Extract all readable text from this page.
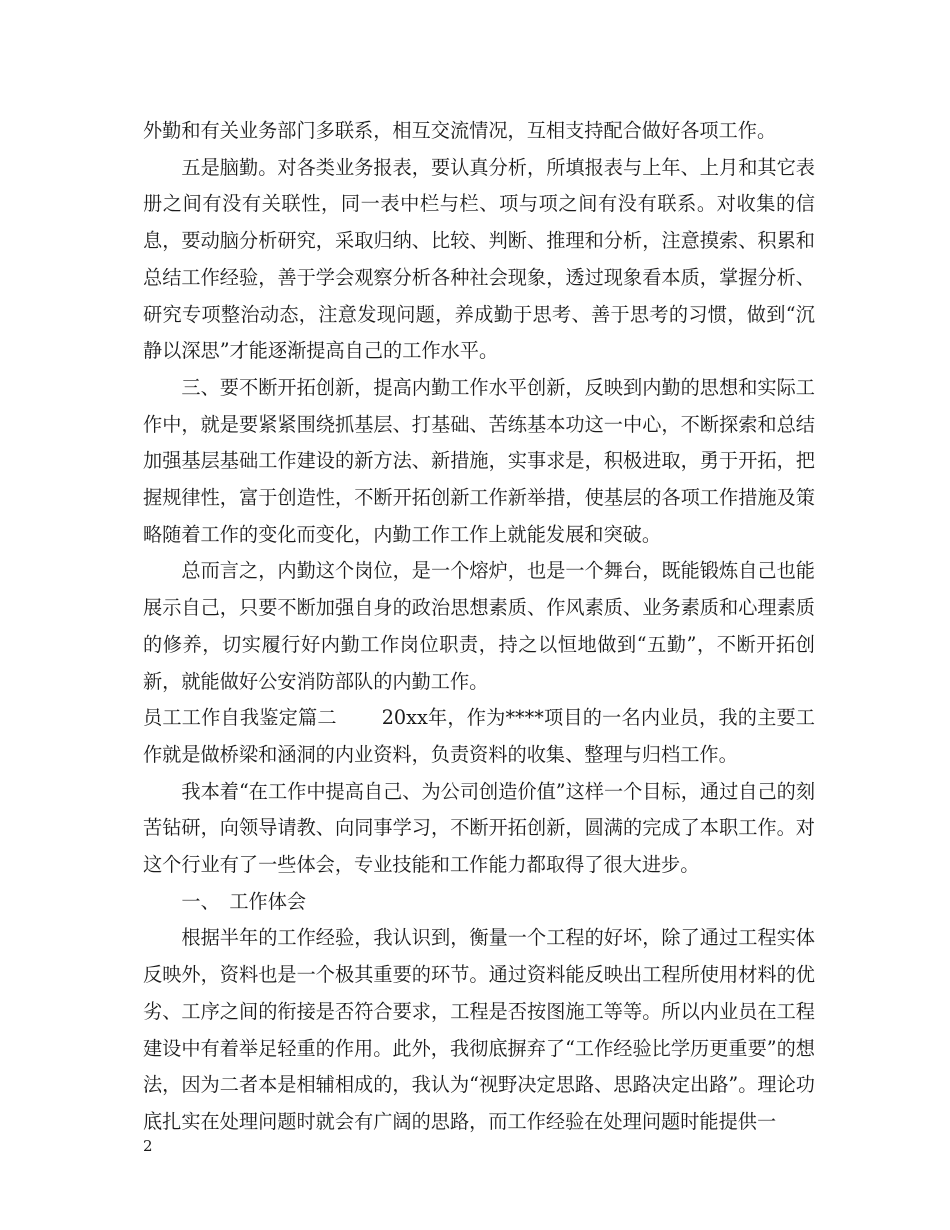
外勤和有关业务部门多联系，相互交流情况，互相支持配合做好各项工作。

五是脑勤。对各类业务报表，要认真分析，所填报表与上年、上月和其它表册之间有没有关联性，同一表中栏与栏、项与项之间有没有联系。对收集的信息，要动脑分析研究，采取归纳、比较、判断、推理和分析，注意摸索、积累和总结工作经验，善于学会观察分析各种社会现象，透过现象看本质，掌握分析、研究专项整治动态，注意发现问题，养成勤于思考、善于思考的习惯，做到“沉静以深思”才能逐渐提高自己的工作水平。

三、要不断开拓创新，提高内勤工作水平创新，反映到内勤的思想和实际工作中，就是要紧紧围绕抓基层、打基础、苦练基本功这一中心，不断探索和总结加强基层基础工作建设的新方法、新措施，实事求是，积极进取，勇于开拓，把握规律性，富于创造性，不断开拓创新工作新举措，使基层的各项工作措施及策略随着工作的变化而变化，内勤工作工作上就能发展和突破。

总而言之，内勤这个岗位，是一个熔炉，也是一个舞台，既能锻炼自己也能展示自己，只要不断加强自身的政治思想素质、作风素质、业务素质和心理素质的修养，切实履行好内勤工作岗位职责，持之以恒地做到“五勤”，不断开拓创新，就能做好公安消防部队的内勤工作。

员工工作自我鉴定篇二　　 20xx年，作为****项目的一名内业员，我的主要工作就是做桥梁和涵洞的内业资料，负责资料的收集、整理与归档工作。

我本着“在工作中提高自己、为公司创造价值”这样一个目标，通过自己的刻苦钻研，向领导请教、向同事学习，不断开拓创新，圆满的完成了本职工作。对这个行业有了一些体会，专业技能和工作能力都取得了很大进步。

一、　工作体会

根据半年的工作经验，我认识到，衡量一个工程的好坏，除了通过工程实体反映外，资料也是一个极其重要的环节。通过资料能反映出工程所使用材料的优劣、工序之间的衔接是否符合要求，工程是否按图施工等等。所以内业员在工程建设中有着举足轻重的作用。此外，我彻底摒弃了“工作经验比学历更重要”的想法，因为二者本是相辅相成的，我认为“视野决定思路、思路决定出路”。理论功底扎实在处理问题时就会有广阔的思路，而工作经验在处理问题时能提供一

2
